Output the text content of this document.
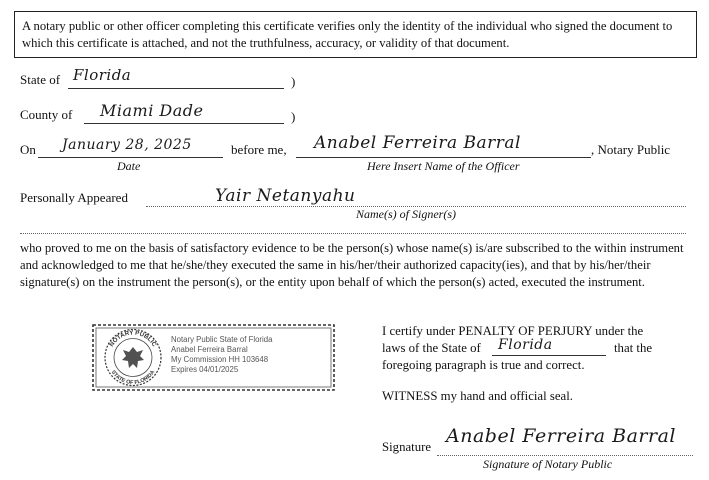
A notary public or other officer completing this certificate verifies only the identity of the individual who signed the document to which this certificate is attached, and not the truthfulness, accuracy, or validity of that document.
State of Florida	)
County of Miami Dade	)
On January 28, 2025
Date
before me, Anabel Ferreira Barral
Here Insert Name of the Officer
, Notary Public
Personally Appeared	Yair Netanyahu
Name(s) of Signer(s)
who proved to me on the basis of satisfactory evidence to be the person(s) whose name(s) is/are subscribed to the within instrument and acknowledged to me that he/she/they executed the same in his/her/their authorized capacity(ies), and that by his/her/their signature(s) on the instrument the person(s), or the entity upon behalf of which the person(s) acted, executed the instrument.
NOTARY PUBLIC
STATE OF FLORIDA
Notary Public State of Florida
Anabel Ferreira Barral
My Commission HH 103648
Expires 04/01/2025
I certify under PENALTY OF PERJURY under the
laws of the State of Florida	that the
foregoing paragraph is true and correct.
WITNESS my hand and official seal.
Signature Anabel Ferreira Barral
Signature of Notary Public
